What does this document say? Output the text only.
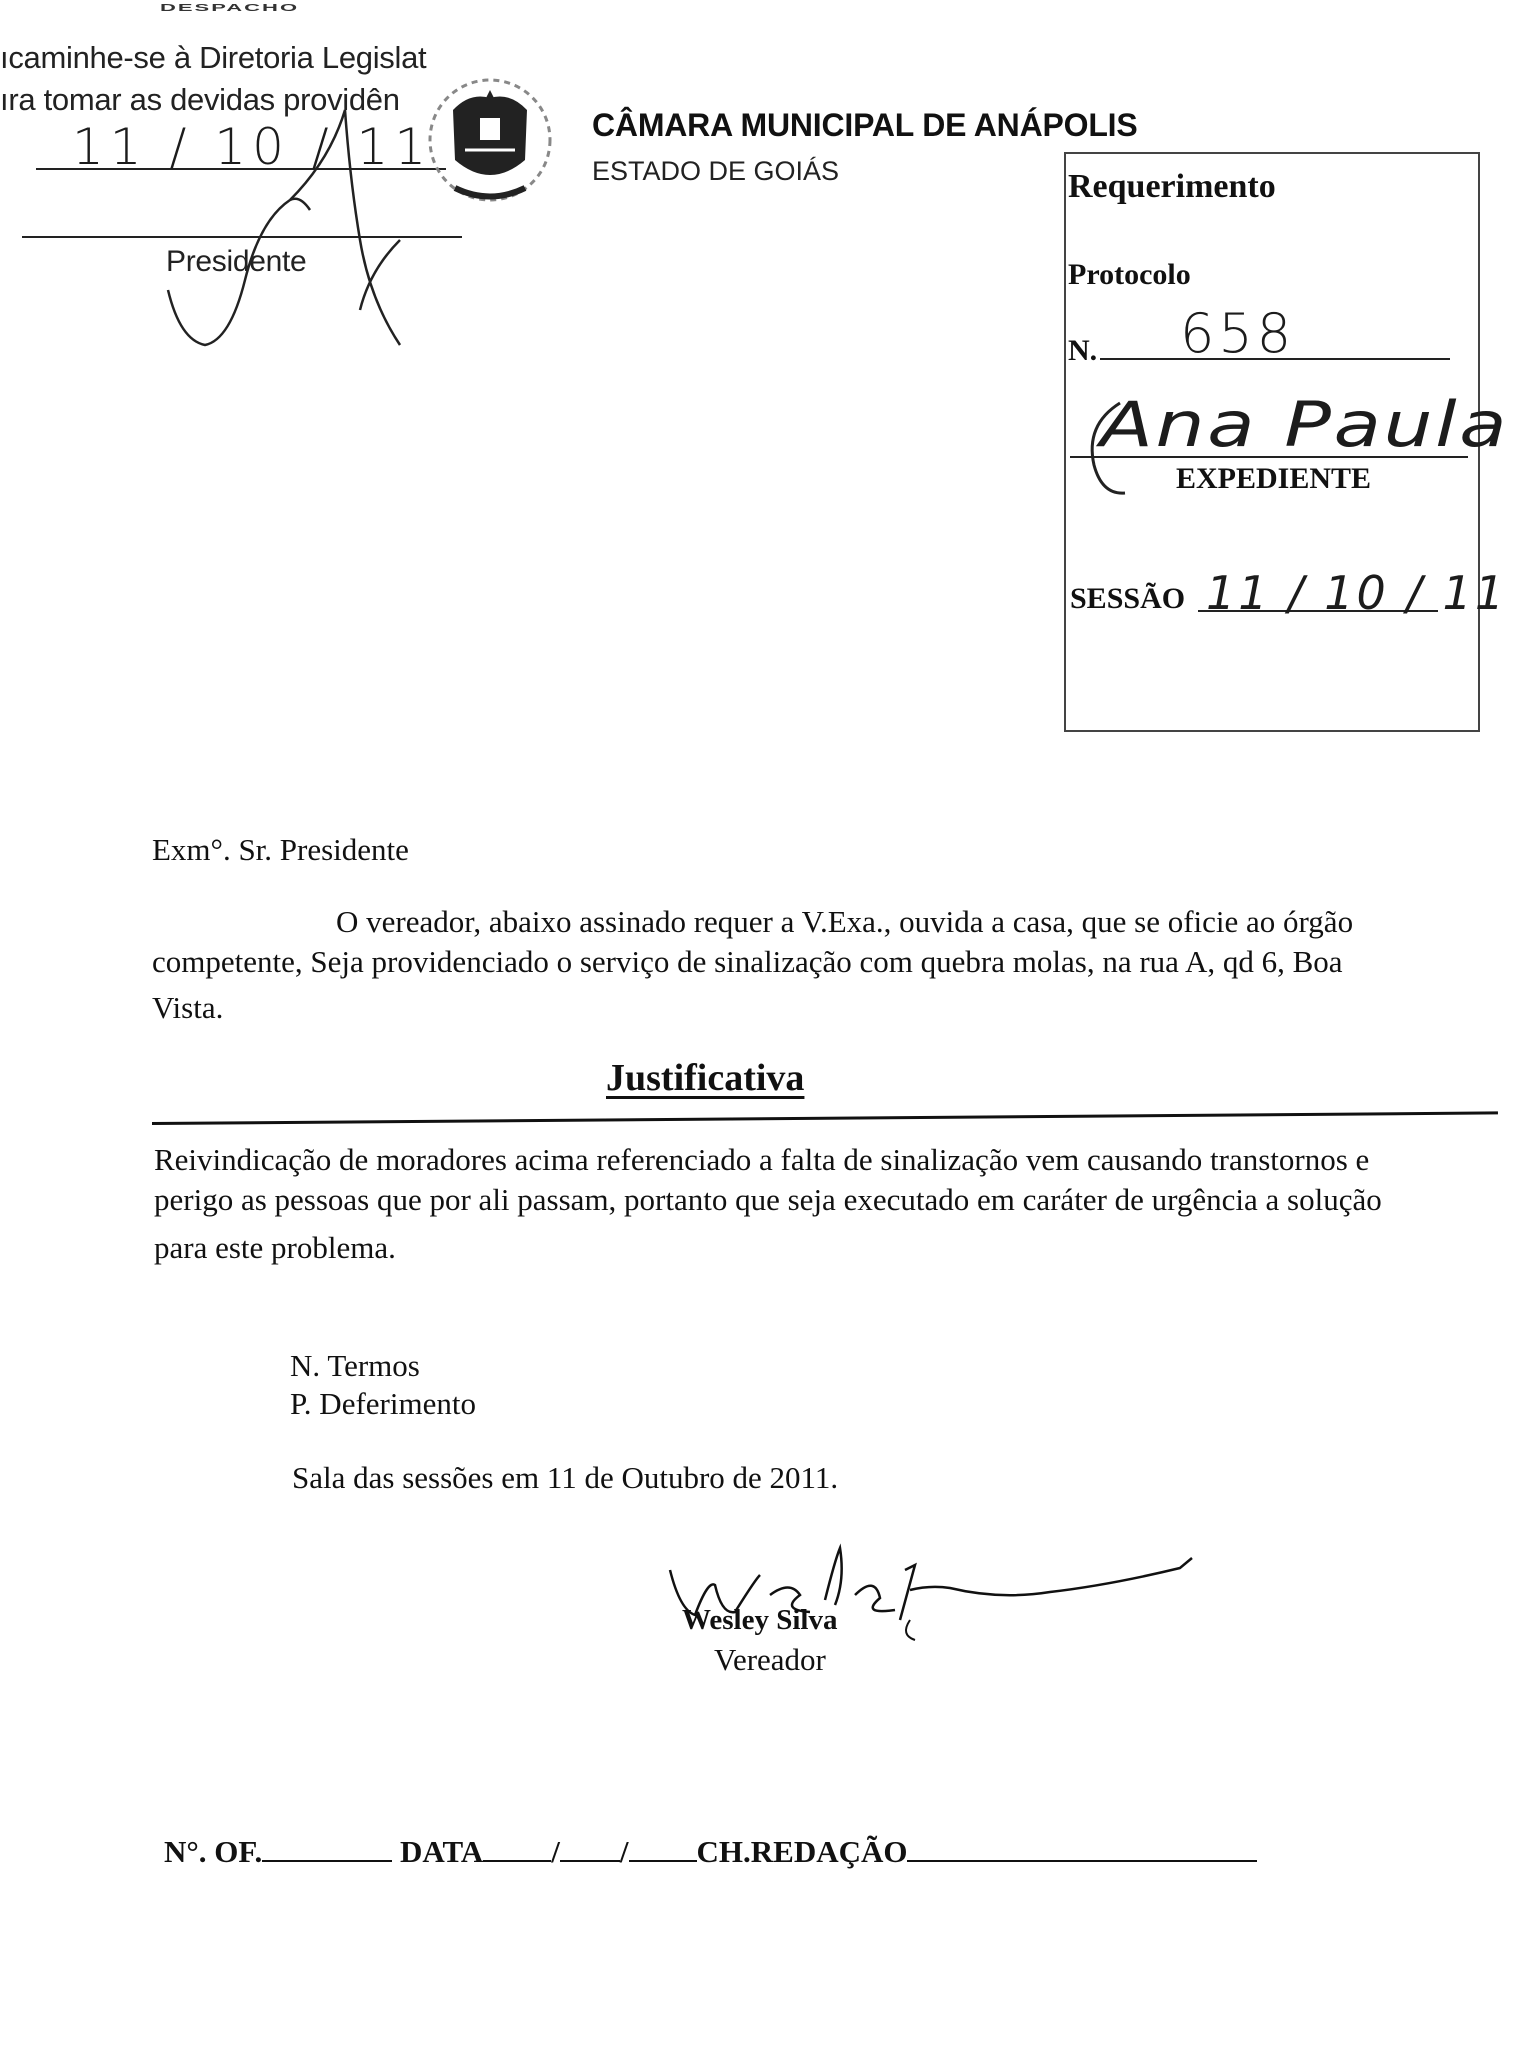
DESPACHO
ıcaminhe-se à Diretoria Legislat
ıra tomar as devidas providên
11 / 10 / 11
Presidente
CÂMARA MUNICIPAL DE ANÁPOLIS
ESTADO DE GOIÁS	Requerimento
Protocolo
N. 658
Ana Paula
EXPEDIENTE
SESSÃO 11 / 10 / 11
Exm°. Sr. Presidente
O vereador, abaixo assinado requer a V.Exa., ouvida a casa, que se oficie ao órgão
competente, Seja providenciado o serviço de sinalização com quebra molas, na rua A, qd 6, Boa
Vista.
Justificativa
Reivindicação de moradores acima referenciado a falta de sinalização vem causando transtornos e
perigo as pessoas que por ali passam, portanto que seja executado em caráter de urgência a solução
para este problema.
N. Termos
P. Deferimento
Sala das sessões em 11 de Outubro de 2011.
Wesley Silva
Vereador
N°. OF.	DATA / / CH.REDAÇÃO
